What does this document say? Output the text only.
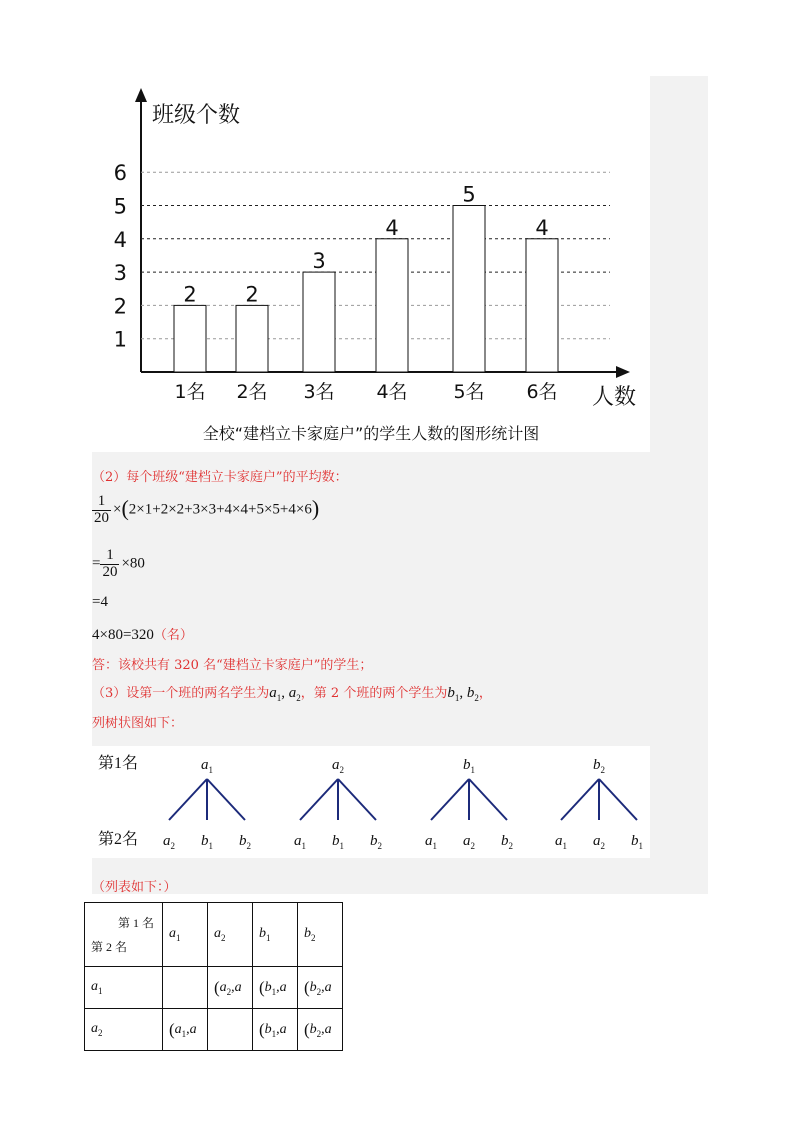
1
2
3
4
5
6
2
1名
2
2名
3
3名
4
4名
5
5名
4
6名
班级个数
人数
全校“建档立卡家庭户”的学生人数的图形统计图
（2）每个班级“建档立卡家庭户”的平均数：
$\frac{1}{20} \times(2\times 1+2\times 2+3\times 3+4\times 4+5\times 5+4\times 6)$
= $\frac{1}{20} \times 80$
=4
4×80=320（名）
答：该校共有 320 名“建档立卡家庭户”的学生；
（3）设第一个班的两名学生为$a_1$, $a_2$，第 2 个班的两个学生为$b_1$, $b_2$，
列树状图如下：
第1名
第2名
$a_1$
$a_2$ $b_1$ $b_2$
$a_2$
$a_1$ $b_1$ $b_2$
$b_1$
$a_1$ $a_2$ $b_2$
$b_2$
$a_1$ $a_2$ $b_1$
（列表如下：）
第 1 名
第 2 名	$a_1$	$a_2$	$b_1$	$b_2$
$a_1$		($a_2,a$	($b_1,a$	($b_2,a$
$a_2$	($a_1,a$		($b_1,a$	($b_2,a$
